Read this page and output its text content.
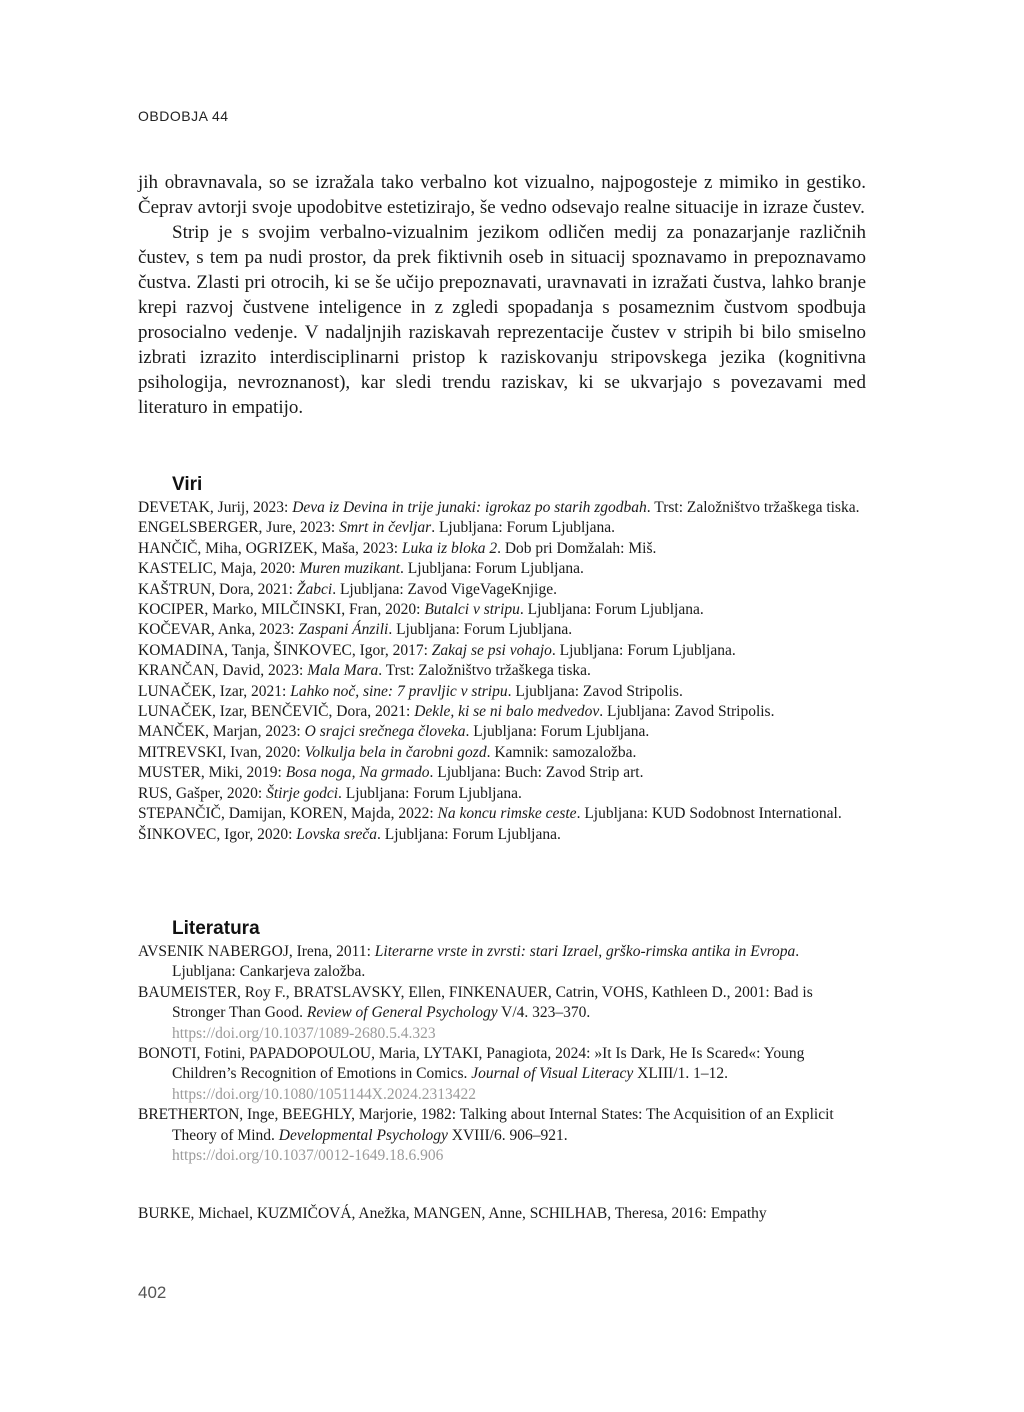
OBDOBJA 44

jih obravnavala, so se izražala tako verbalno kot vizualno, najpogosteje z mimiko in gestiko. Čeprav avtorji svoje upodobitve estetizirajo, še vedno odsevajo realne situacije in izraze čustev.

Strip je s svojim verbalno-vizualnim jezikom odličen medij za ponazarjanje različnih čustev, s tem pa nudi prostor, da prek fiktivnih oseb in situacij spoznavamo in prepoznavamo čustva. Zlasti pri otrocih, ki se še učijo prepoznavati, uravnavati in izražati čustva, lahko branje krepi razvoj čustvene inteligence in z zgledi spopadanja s posameznim čustvom spodbuja prosocialno vedenje. V nadaljnjih raziskavah reprezentacije čustev v stripih bi bilo smiselno izbrati izrazito interdisciplinarni pristop k raziskovanju stripovskega jezika (kognitivna psihologija, nevroznanost), kar sledi trendu raziskav, ki se ukvarjajo s povezavami med literaturo in empatijo.

Viri

DEVETAK, Jurij, 2023: Deva iz Devina in trije junaki: igrokaz po starih zgodbah. Trst: Založništvo tržaškega tiska.

ENGELSBERGER, Jure, 2023: Smrt in čevljar. Ljubljana: Forum Ljubljana.

HANČIČ, Miha, OGRIZEK, Maša, 2023: Luka iz bloka 2. Dob pri Domžalah: Miš.

KASTELIC, Maja, 2020: Muren muzikant. Ljubljana: Forum Ljubljana.

KAŠTRUN, Dora, 2021: Žabci. Ljubljana: Zavod VigeVageKnjige.

KOCIPER, Marko, MILČINSKI, Fran, 2020: Butalci v stripu. Ljubljana: Forum Ljubljana.

KOČEVAR, Anka, 2023: Zaspani Ánzili. Ljubljana: Forum Ljubljana.

KOMADINA, Tanja, ŠINKOVEC, Igor, 2017: Zakaj se psi vohajo. Ljubljana: Forum Ljubljana.

KRANČAN, David, 2023: Mala Mara. Trst: Založništvo tržaškega tiska.

LUNAČEK, Izar, 2021: Lahko noč, sine: 7 pravljic v stripu. Ljubljana: Zavod Stripolis.

LUNAČEK, Izar, BENČEVIČ, Dora, 2021: Dekle, ki se ni balo medvedov. Ljubljana: Zavod Stripolis.

MANČEK, Marjan, 2023: O srajci srečnega človeka. Ljubljana: Forum Ljubljana.

MITREVSKI, Ivan, 2020: Volkulja bela in čarobni gozd. Kamnik: samozaložba.

MUSTER, Miki, 2019: Bosa noga, Na grmado. Ljubljana: Buch: Zavod Strip art.

RUS, Gašper, 2020: Štirje godci. Ljubljana: Forum Ljubljana.

STEPANČIČ, Damijan, KOREN, Majda, 2022: Na koncu rimske ceste. Ljubljana: KUD Sodobnost International.

ŠINKOVEC, Igor, 2020: Lovska sreča. Ljubljana: Forum Ljubljana.

Literatura

AVSENIK NABERGOJ, Irena, 2011: Literarne vrste in zvrsti: stari Izrael, grško-rimska antika in Evropa. Ljubljana: Cankarjeva založba.

BAUMEISTER, Roy F., BRATSLAVSKY, Ellen, FINKENAUER, Catrin, VOHS, Kathleen D., 2001: Bad is Stronger Than Good. Review of General Psychology V/4. 323–370.
https://doi.org/10.1037/1089-2680.5.4.323

BONOTI, Fotini, PAPADOPOULOU, Maria, LYTAKI, Panagiota, 2024: »It Is Dark, He Is Scared«: Young Children’s Recognition of Emotions in Comics. Journal of Visual Literacy XLIII/1. 1–12.
https://doi.org/10.1080/1051144X.2024.2313422

BRETHERTON, Inge, BEEGHLY, Marjorie, 1982: Talking about Internal States: The Acquisition of an Explicit Theory of Mind. Developmental Psychology XVIII/6. 906–921.
https://doi.org/10.1037/0012-1649.18.6.906

BURKE, Michael, KUZMIČOVÁ, Anežka, MANGEN, Anne, SCHILHAB, Theresa, 2016: Empathy

402
